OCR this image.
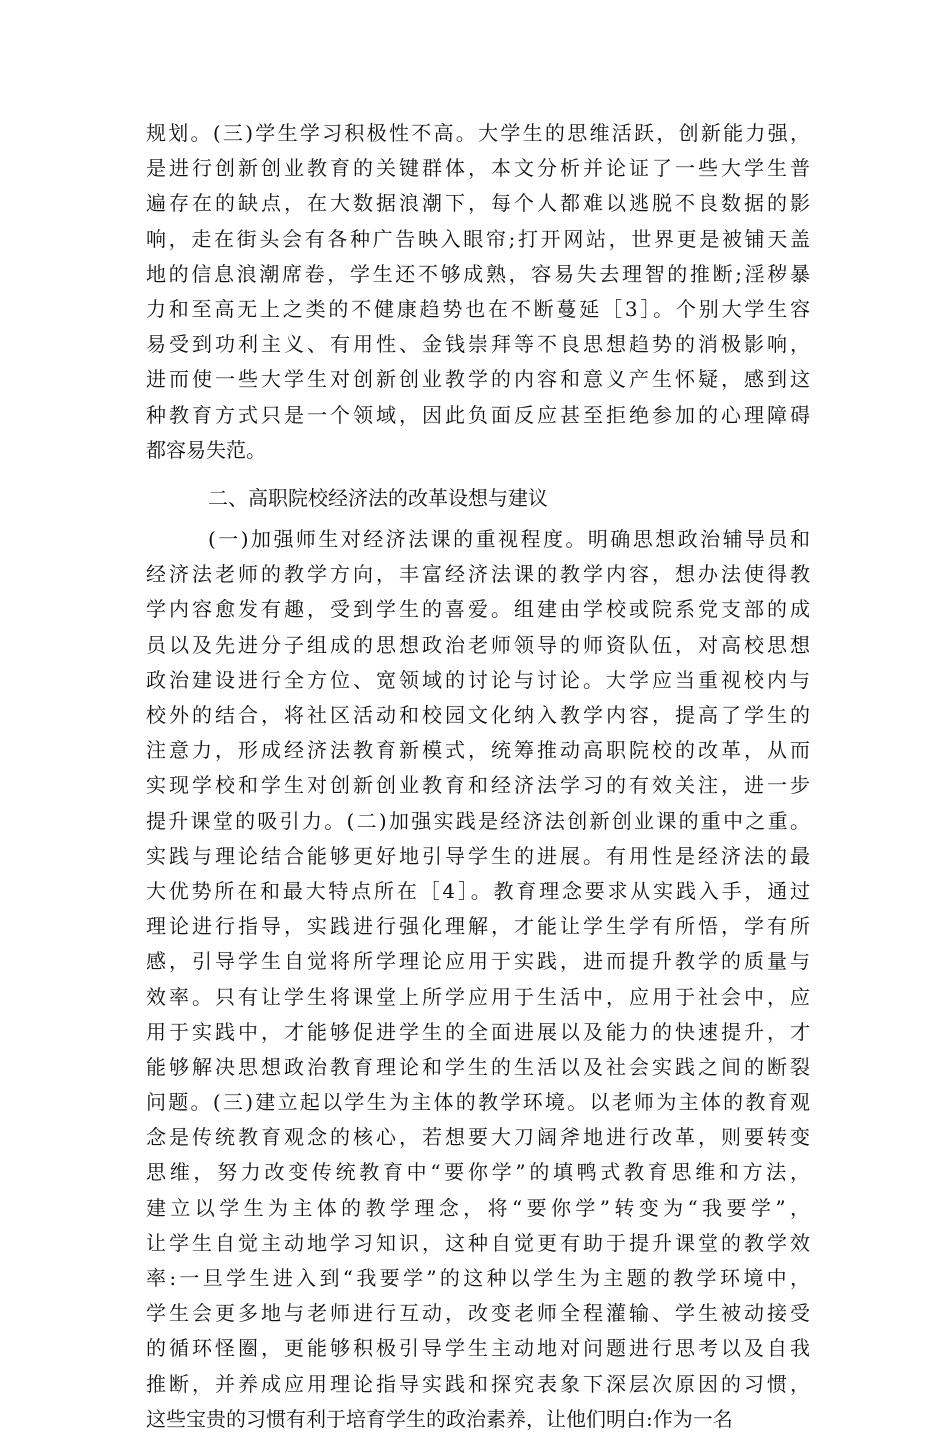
规划。(三)学生学习积极性不高。大学生的思维活跃，创新能力强，
是进行创新创业教育的关键群体，本文分析并论证了一些大学生普
遍存在的缺点，在大数据浪潮下，每个人都难以逃脱不良数据的影
响，走在街头会有各种广告映入眼帘;打开网站，世界更是被铺天盖
地的信息浪潮席卷，学生还不够成熟，容易失去理智的推断;淫秽暴
力和至高无上之类的不健康趋势也在不断蔓延［3］。个别大学生容
易受到功利主义、有用性、金钱崇拜等不良思想趋势的消极影响，
进而使一些大学生对创新创业教学的内容和意义产生怀疑，感到这
种教育方式只是一个领域，因此负面反应甚至拒绝参加的心理障碍
都容易失范。
二、高职院校经济法的改革设想与建议
(一)加强师生对经济法课的重视程度。明确思想政治辅导员和
经济法老师的教学方向，丰富经济法课的教学内容，想办法使得教
学内容愈发有趣，受到学生的喜爱。组建由学校或院系党支部的成
员以及先进分子组成的思想政治老师领导的师资队伍，对高校思想
政治建设进行全方位、宽领域的讨论与讨论。大学应当重视校内与
校外的结合，将社区活动和校园文化纳入教学内容，提高了学生的
注意力，形成经济法教育新模式，统筹推动高职院校的改革，从而
实现学校和学生对创新创业教育和经济法学习的有效关注，进一步
提升课堂的吸引力。(二)加强实践是经济法创新创业课的重中之重。
实践与理论结合能够更好地引导学生的进展。有用性是经济法的最
大优势所在和最大特点所在［4］。教育理念要求从实践入手，通过
理论进行指导，实践进行强化理解，才能让学生学有所悟，学有所
感，引导学生自觉将所学理论应用于实践，进而提升教学的质量与
效率。只有让学生将课堂上所学应用于生活中，应用于社会中，应
用于实践中，才能够促进学生的全面进展以及能力的快速提升，才
能够解决思想政治教育理论和学生的生活以及社会实践之间的断裂
问题。(三)建立起以学生为主体的教学环境。以老师为主体的教育观
念是传统教育观念的核心，若想要大刀阔斧地进行改革，则要转变
思维，努力改变传统教育中“要你学”的填鸭式教育思维和方法，
建立以学生为主体的教学理念，将“要你学”转变为“我要学”，
让学生自觉主动地学习知识，这种自觉更有助于提升课堂的教学效
率:一旦学生进入到“我要学”的这种以学生为主题的教学环境中，
学生会更多地与老师进行互动，改变老师全程灌输、学生被动接受
的循环怪圈，更能够积极引导学生主动地对问题进行思考以及自我
推断，并养成应用理论指导实践和探究表象下深层次原因的习惯，
这些宝贵的习惯有利于培育学生的政治素养，让他们明白:作为一名
